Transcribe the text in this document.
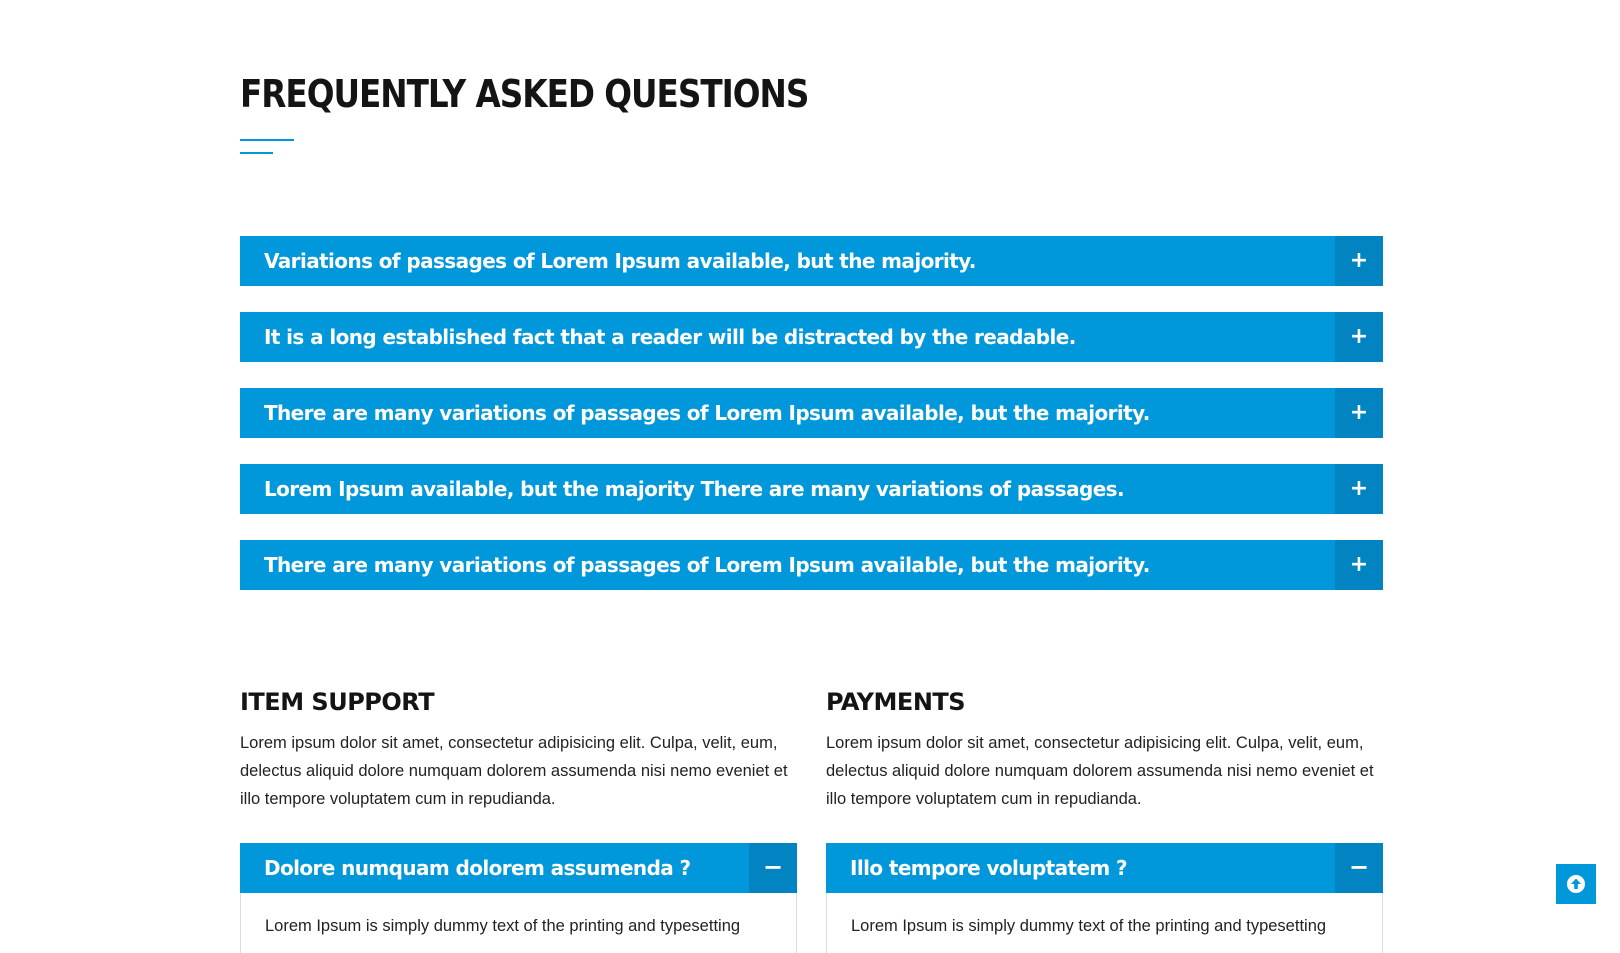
FREQUENTLY ASKED QUESTIONS
Variations of passages of Lorem Ipsum available, but the majority.	+
It is a long established fact that a reader will be distracted by the readable.	+
There are many variations of passages of Lorem Ipsum available, but the majority.	+
Lorem Ipsum available, but the majority There are many variations of passages.	+
There are many variations of passages of Lorem Ipsum available, but the majority.	+
ITEM SUPPORT

Lorem ipsum dolor sit amet, consectetur adipisicing elit. Culpa, velit, eum, delectus aliquid dolore numquam dolorem assumenda nisi nemo eveniet et illo tempore voluptatem cum in repudianda.

Dolore numquam dolorem assumenda ?	−
Lorem Ipsum is simply dummy text of the printing and typesetting
PAYMENTS

Lorem ipsum dolor sit amet, consectetur adipisicing elit. Culpa, velit, eum, delectus aliquid dolore numquam dolorem assumenda nisi nemo eveniet et illo tempore voluptatem cum in repudianda.

Illo tempore voluptatem ?	−
Lorem Ipsum is simply dummy text of the printing and typesetting
